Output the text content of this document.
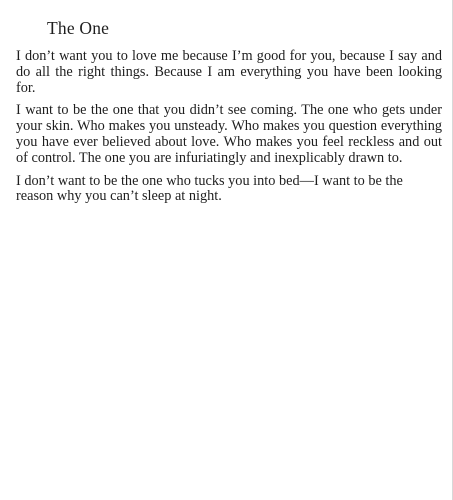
The One

I don’t want you to love me because I’m good for you, because I say and do all the right things. Because I am everything you have been looking for.

I want to be the one that you didn’t see coming. The one who gets under your skin. Who makes you unsteady. Who makes you question everything you have ever believed about love. Who makes you feel reckless and out of control. The one you are infuriatingly and inexplicably drawn to.

I don’t want to be the one who tucks you into bed—I want to be the reason why you can’t sleep at night.
